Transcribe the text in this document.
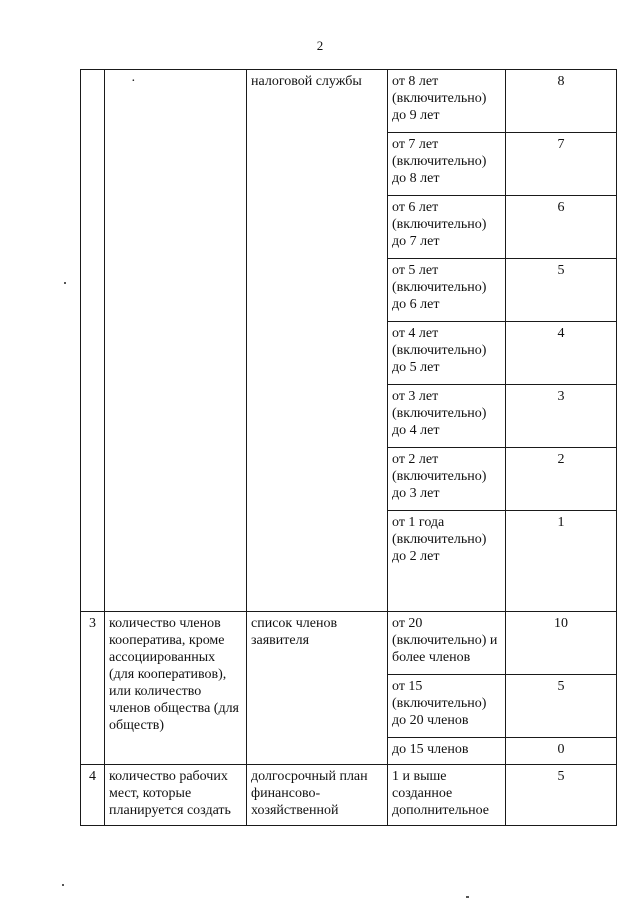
2

	·	налоговой службы	от 8 лет (включительно) до 9 лет	8
			от 7 лет (включительно) до 8 лет	7
			от 6 лет (включительно) до 7 лет	6
			от 5 лет (включительно) до 6 лет	5
			от 4 лет (включительно) до 5 лет	4
			от 3 лет (включительно) до 4 лет	3
			от 2 лет (включительно) до 3 лет	2
			от 1 года (включительно) до 2 лет	1
3	количество членов кооператива, кроме ассоциированных (для кооперативов), или количество членов общества (для обществ)	список членов заявителя	от 20 (включительно) и более членов	10
			от 15 (включительно) до 20 членов	5
			до 15 членов	0
4	количество рабочих мест, которые планируется создать	долгосрочный план финансово-хозяйственной	1 и выше созданное дополнительное	5
